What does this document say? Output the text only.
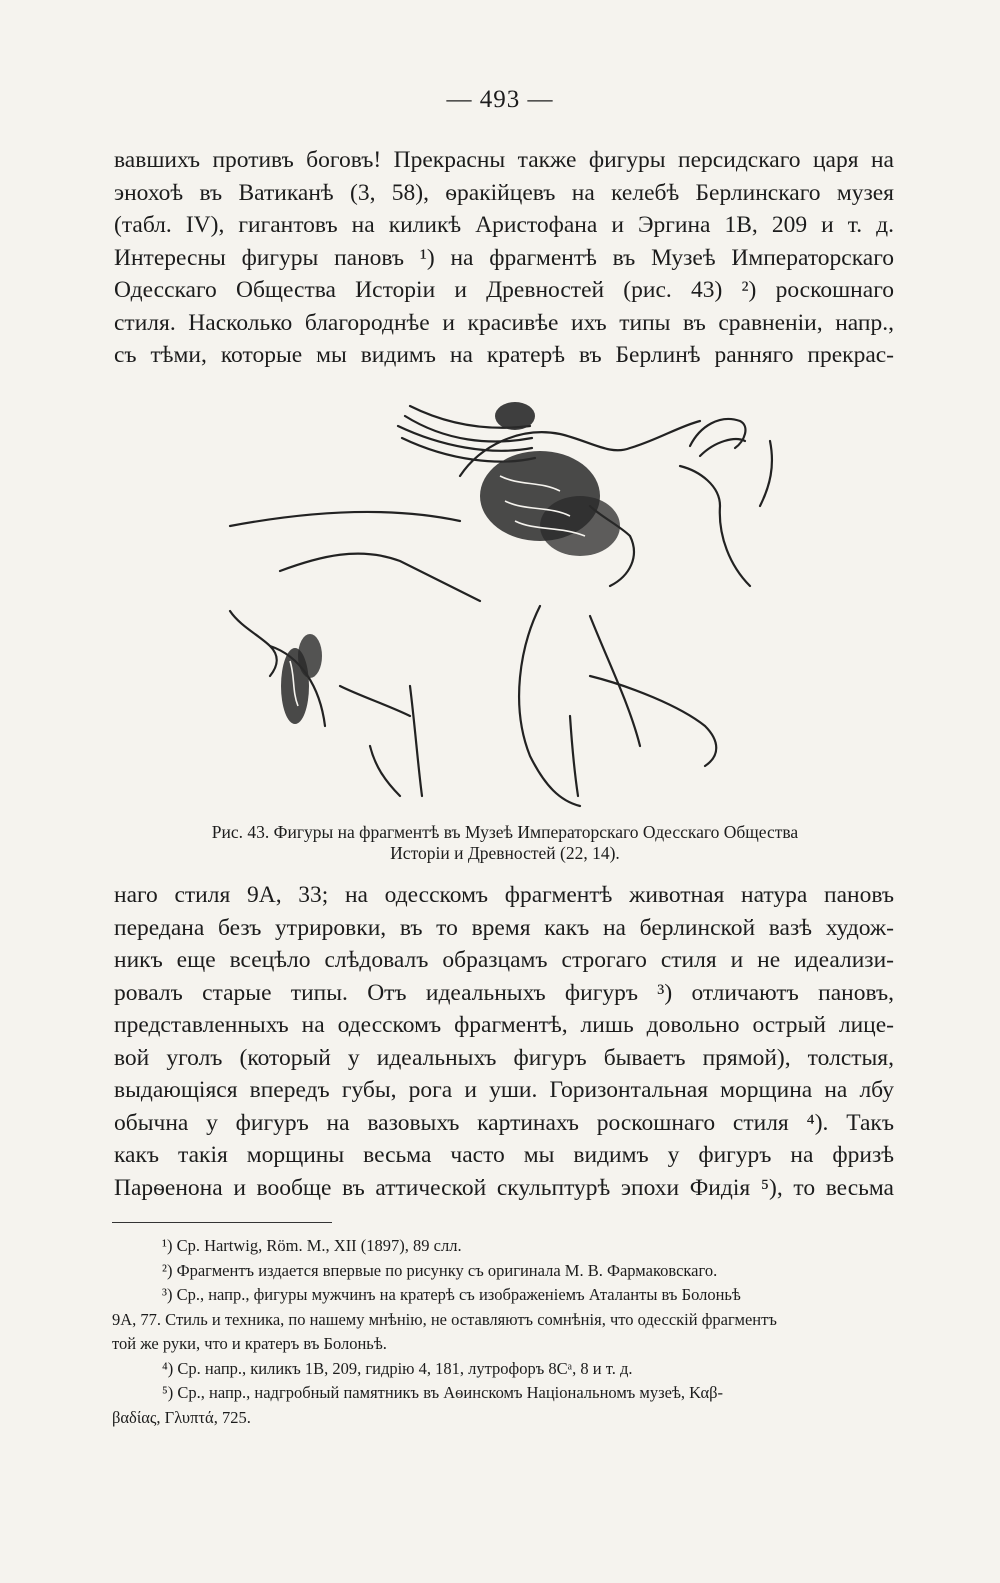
— 493 —
вавшихъ противъ боговъ! Прекрасны также фигуры персидскаго царя на
энохоѣ въ Ватиканѣ (3, 58), ѳракійцевъ на келебѣ Берлинскаго музея
(табл. IV), гигантовъ на киликѣ Аристофана и Эргина 1В, 209 и т. д.
Интересны фигуры пановъ ¹) на фрагментѣ въ Музеѣ Императорскаго
Одесскаго Общества Исторіи и Древностей (рис. 43) ²) роскошнаго
стиля. Насколько благороднѣе и красивѣе ихъ типы въ сравненіи, напр.,
съ тѣми, которые мы видимъ на кратерѣ въ Берлинѣ ранняго прекрас-
Рис. 43. Фигуры на фрагментѣ въ Музеѣ Императорскаго Одесскаго Общества
Исторіи и Древностей (22, 14).
наго стиля 9А, 33; на одесскомъ фрагментѣ животная натура пановъ
передана безъ утрировки, въ то время какъ на берлинской вазѣ худож-
никъ еще всецѣло слѣдовалъ образцамъ строгаго стиля и не идеализи-
ровалъ старые типы. Отъ идеальныхъ фигуръ ³) отличаютъ пановъ,
представленныхъ на одесскомъ фрагментѣ, лишь довольно острый лице-
вой уголъ (который у идеальныхъ фигуръ бываетъ прямой), толстыя,
выдающіяся впередъ губы, рога и уши. Горизонтальная морщина на лбу
обычна у фигуръ на вазовыхъ картинахъ роскошнаго стиля ⁴). Такъ
какъ такія морщины весьма часто мы видимъ у фигуръ на фризѣ
Парѳенона и вообще въ аттической скульптурѣ эпохи Фидія ⁵), то весьма
¹) Ср. Hartwig, Röm. M., XII (1897), 89 слл.
²) Фрагментъ издается впервые по рисунку съ оригинала М. В. Фармаковскаго.
³) Ср., напр., фигуры мужчинъ на кратерѣ съ изображеніемъ Аталанты въ Болоньѣ
9А, 77. Стиль и техника, по нашему мнѣнію, не оставляютъ сомнѣнія, что одесскій фрагментъ
той же руки, что и кратеръ въ Болоньѣ.
⁴) Ср. напр., киликъ 1В, 209, гидрію 4, 181, лутрофоръ 8Сᵃ, 8 и т. д.
⁵) Ср., напр., надгробный памятникъ въ Аѳинскомъ Національномъ музеѣ, Καβ-
βαδίας, Γλυπτά, 725.
